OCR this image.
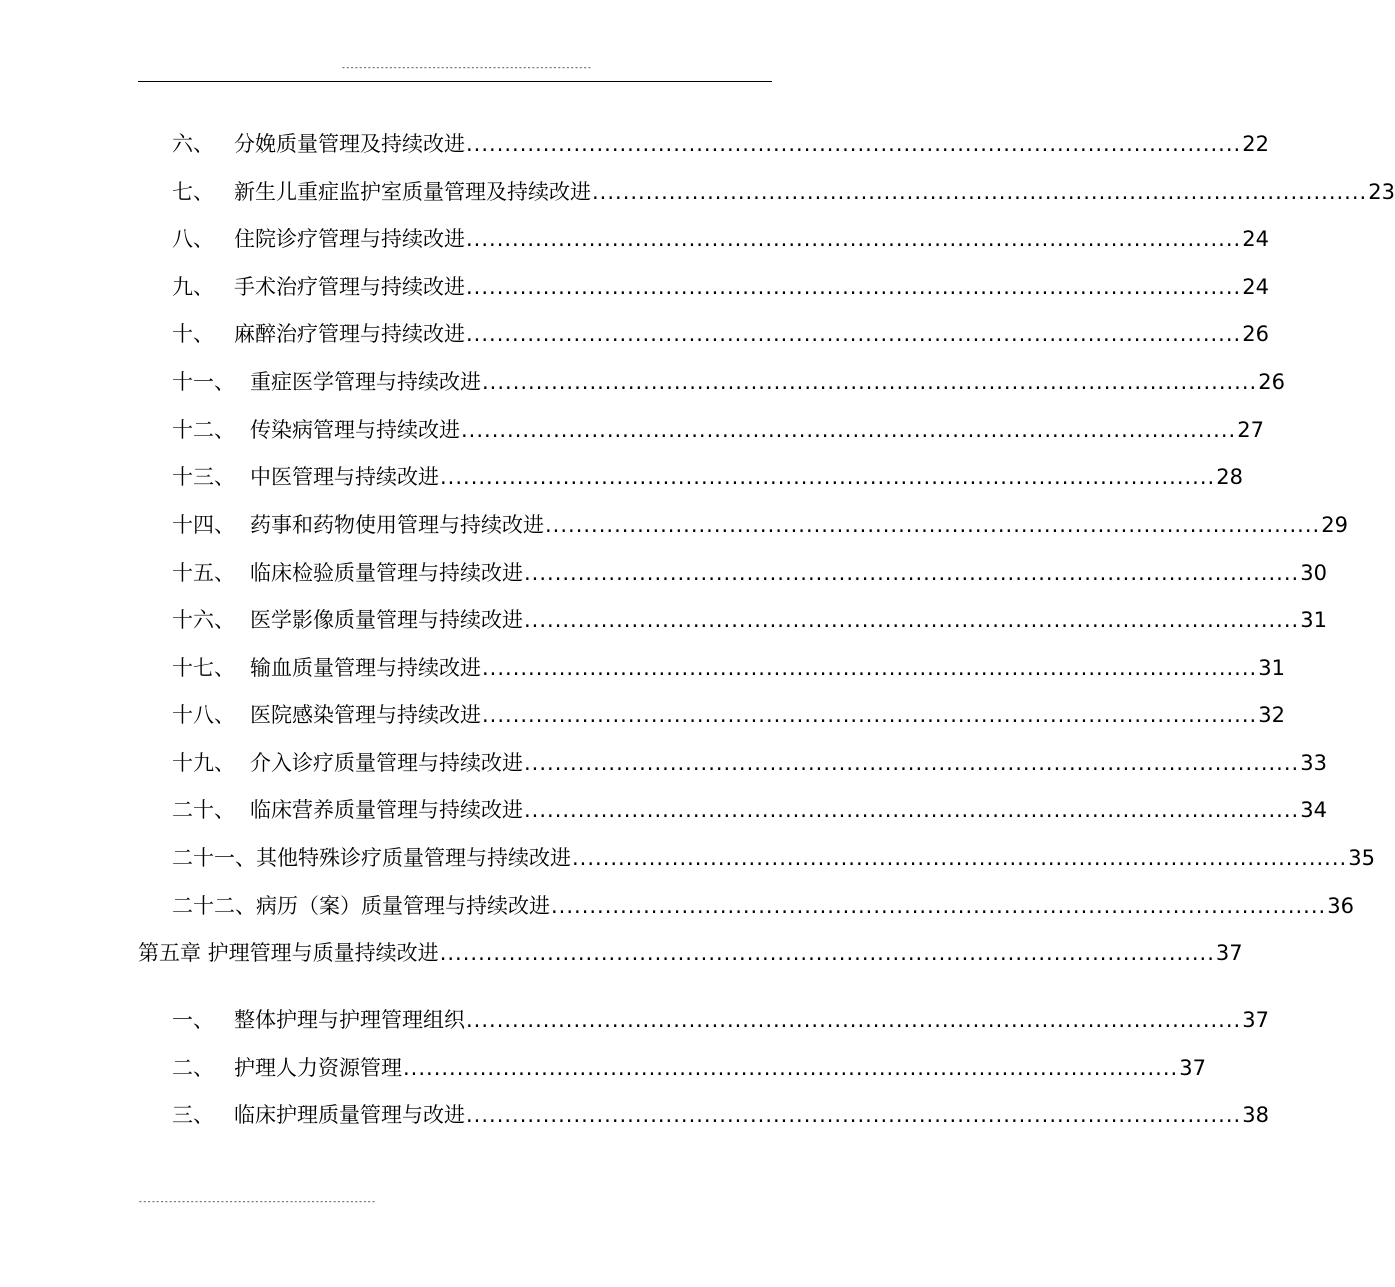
----------------------------------------------------------
六、 分娩质量管理及持续改进 ..................................................................................................... 22
七、 新生儿重症监护室质量管理及持续改进 ..................................................................................................... 23
八、 住院诊疗管理与持续改进 ..................................................................................................... 24
九、 手术治疗管理与持续改进 ..................................................................................................... 24
十、 麻醉治疗管理与持续改进 ..................................................................................................... 26
十一、 重症医学管理与持续改进 ..................................................................................................... 26
十二、 传染病管理与持续改进 ..................................................................................................... 27
十三、 中医管理与持续改进 ..................................................................................................... 28
十四、 药事和药物使用管理与持续改进 ..................................................................................................... 29
十五、 临床检验质量管理与持续改进 ..................................................................................................... 30
十六、 医学影像质量管理与持续改进 ..................................................................................................... 31
十七、 输血质量管理与持续改进 ..................................................................................................... 31
十八、 医院感染管理与持续改进 ..................................................................................................... 32
十九、 介入诊疗质量管理与持续改进 ..................................................................................................... 33
二十、 临床营养质量管理与持续改进 ..................................................................................................... 34
二十一、其他特殊诊疗质量管理与持续改进 ..................................................................................................... 35
二十二、病历（案）质量管理与持续改进 ..................................................................................................... 36
第五章 护理管理与质量持续改进 ..................................................................................................... 37
一、 整体护理与护理管理组织 ..................................................................................................... 37
二、 护理人力资源管理 ..................................................................................................... 37
三、 临床护理质量管理与改进 ..................................................................................................... 38
-------------------------------------------------------
